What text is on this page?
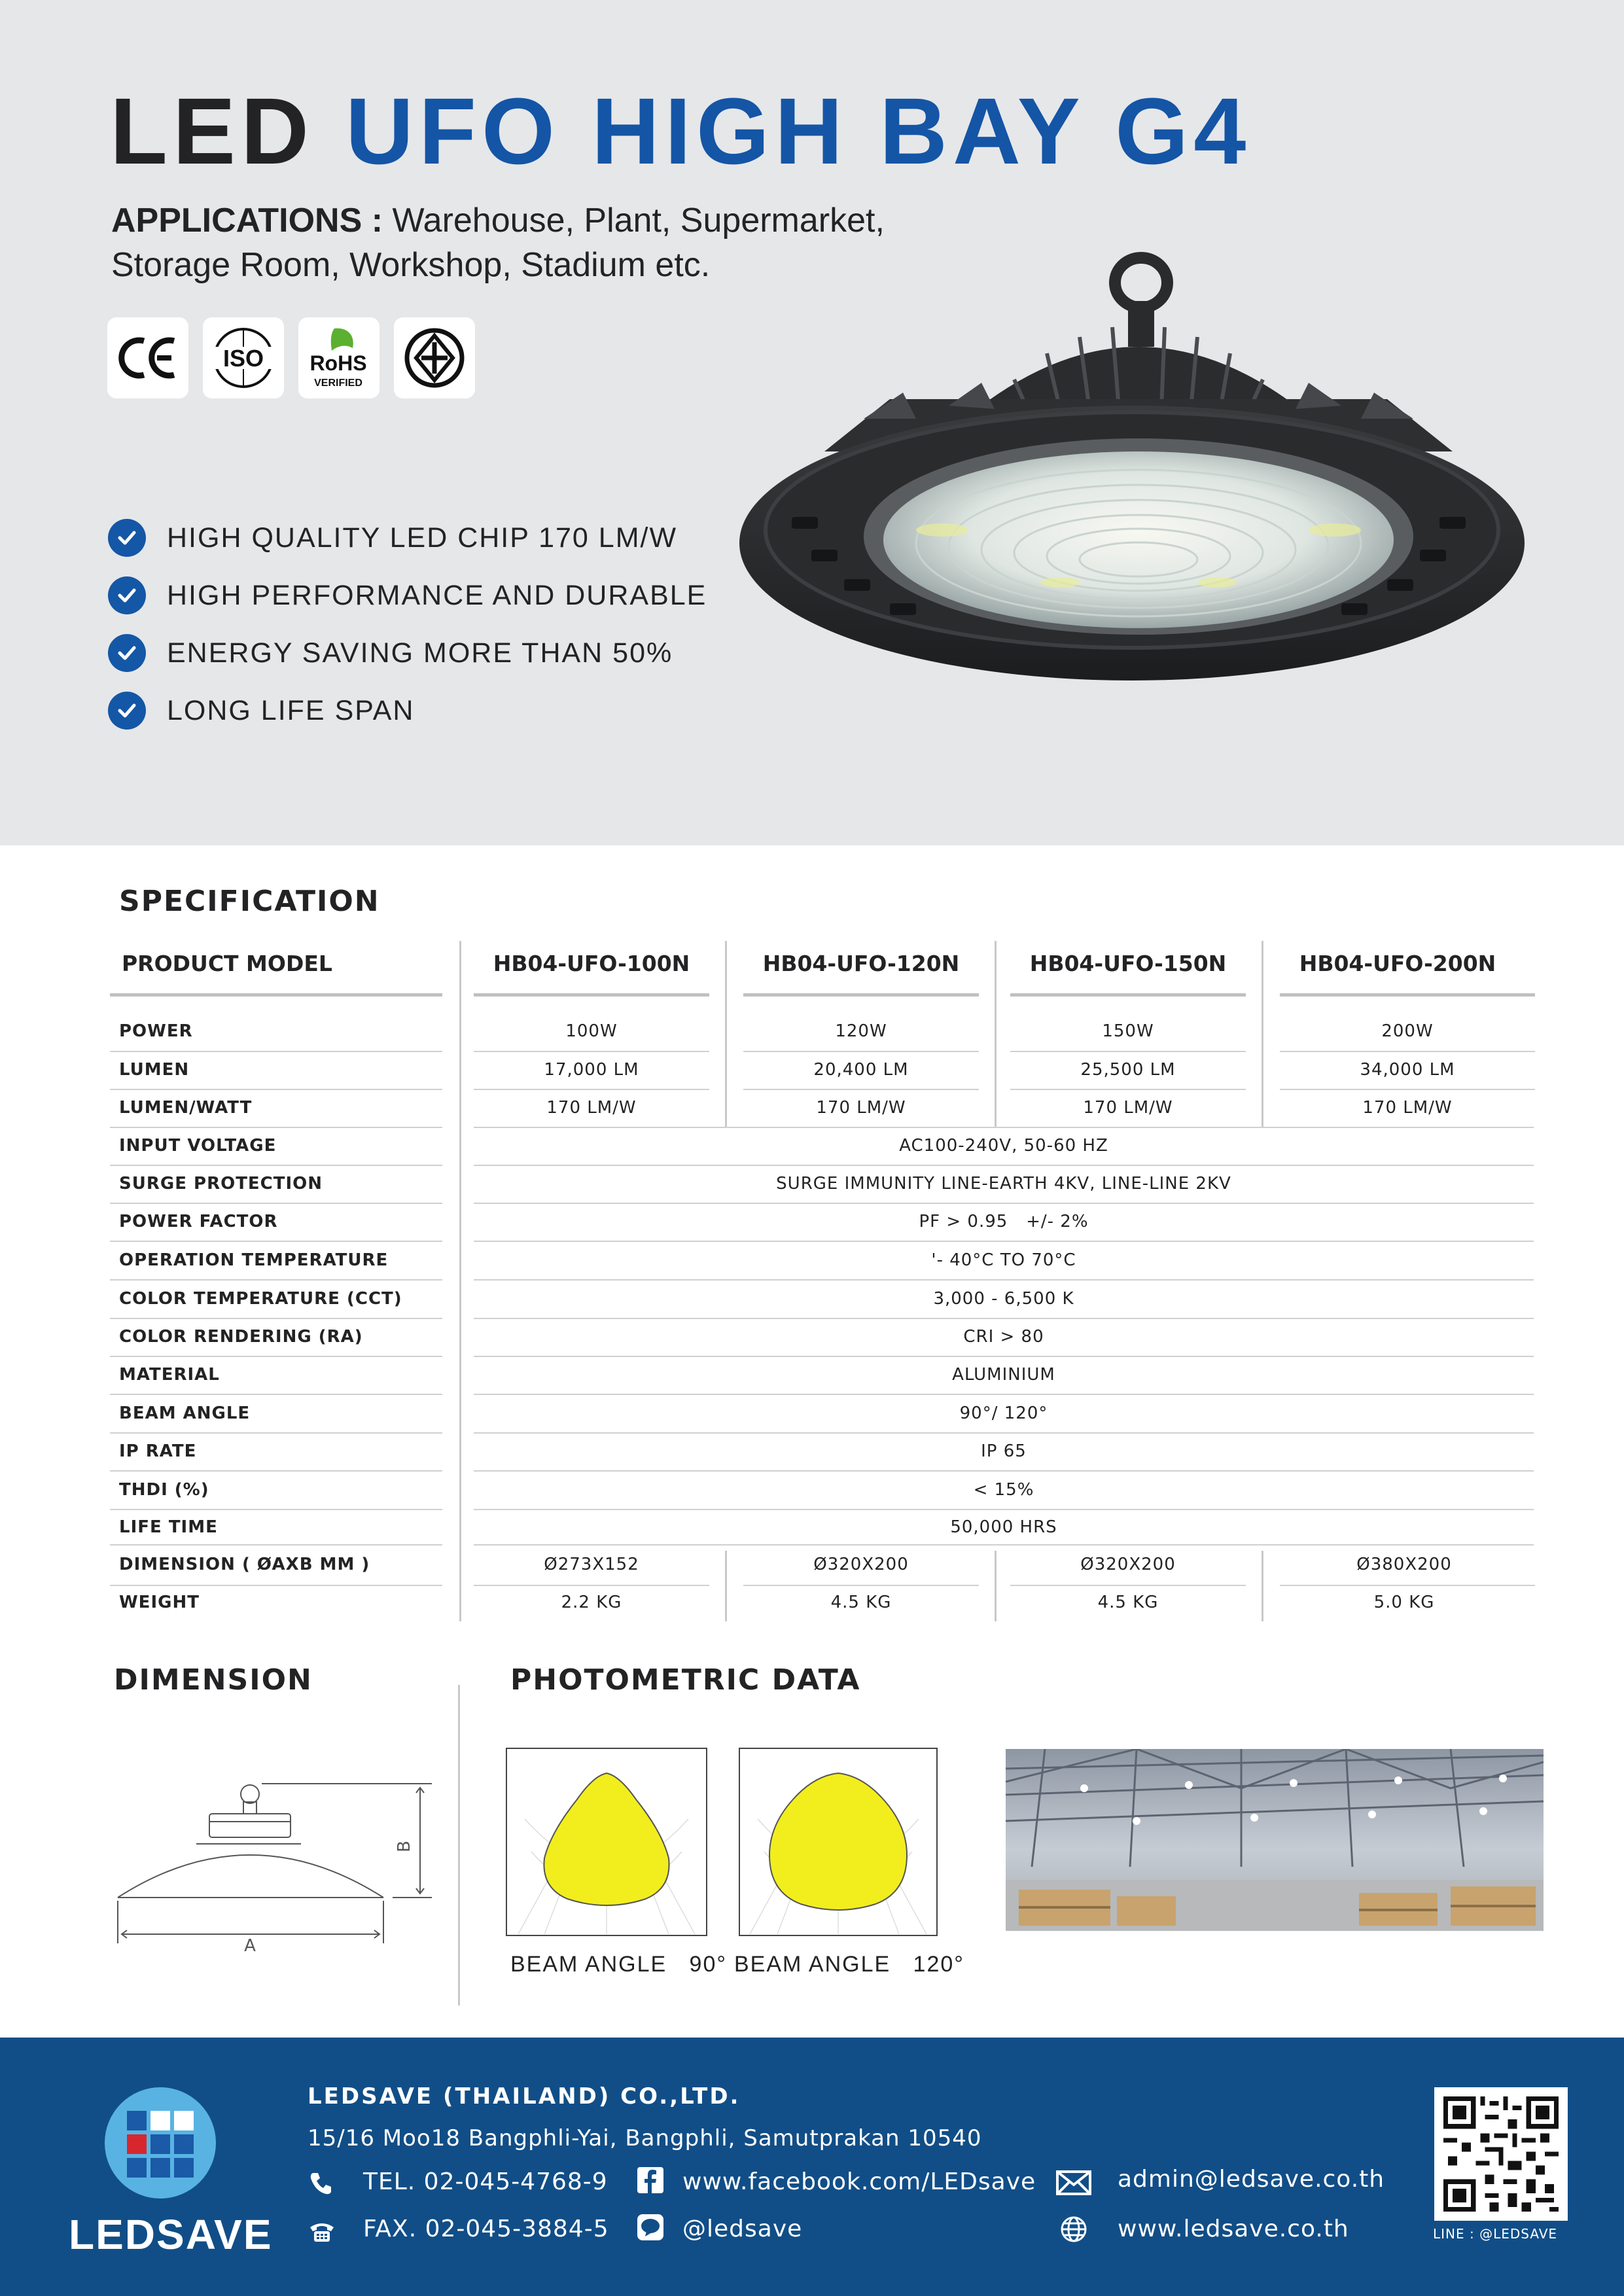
LED UFO HIGH BAY G4
APPLICATIONS : Warehouse, Plant, Supermarket,
Storage Room, Workshop, Stadium etc.
ISO RoHS
VERIFIED
HIGH QUALITY LED CHIP 170 LM/W
HIGH PERFORMANCE AND DURABLE
ENERGY SAVING MORE THAN 50%
LONG LIFE SPAN
SPECIFICATION
PRODUCT MODEL	HB04-UFO-100N	HB04-UFO-120N	HB04-UFO-150N	HB04-UFO-200N
POWER	100W	120W	150W	200W
LUMEN	17,000 LM	20,400 LM	25,500 LM	34,000 LM
LUMEN/WATT	170 LM/W	170 LM/W	170 LM/W	170 LM/W
INPUT VOLTAGE	AC100-240V, 50-60 HZ
SURGE PROTECTION	SURGE IMMUNITY LINE-EARTH 4KV, LINE-LINE 2KV
POWER FACTOR	PF > 0.95   +/- 2%
OPERATION TEMPERATURE	'- 40°C TO 70°C
COLOR TEMPERATURE (CCT)	3,000 - 6,500 K
COLOR RENDERING (RA)	CRI > 80
MATERIAL	ALUMINIUM
BEAM ANGLE	90°/ 120°
IP RATE	IP 65
THDI (%)	< 15%
LIFE TIME	50,000 HRS
DIMENSION ( ØAXB MM )	Ø273X152	Ø320X200	Ø320X200	Ø380X200
WEIGHT	2.2 KG	4.5 KG	4.5 KG	5.0 KG
DIMENSION
A
B
PHOTOMETRIC DATA
BEAM ANGLE 90° BEAM ANGLE 120°
LEDSAVE
LEDSAVE (THAILAND) CO.,LTD.
15/16 Moo18 Bangphli-Yai, Bangphli, Samutprakan 10540
TEL. 02-045-4768-9
FAX. 02-045-3884-5
www.facebook.com/LEDsave
@ledsave
admin@ledsave.co.th
www.ledsave.co.th	LINE : @LEDSAVE
